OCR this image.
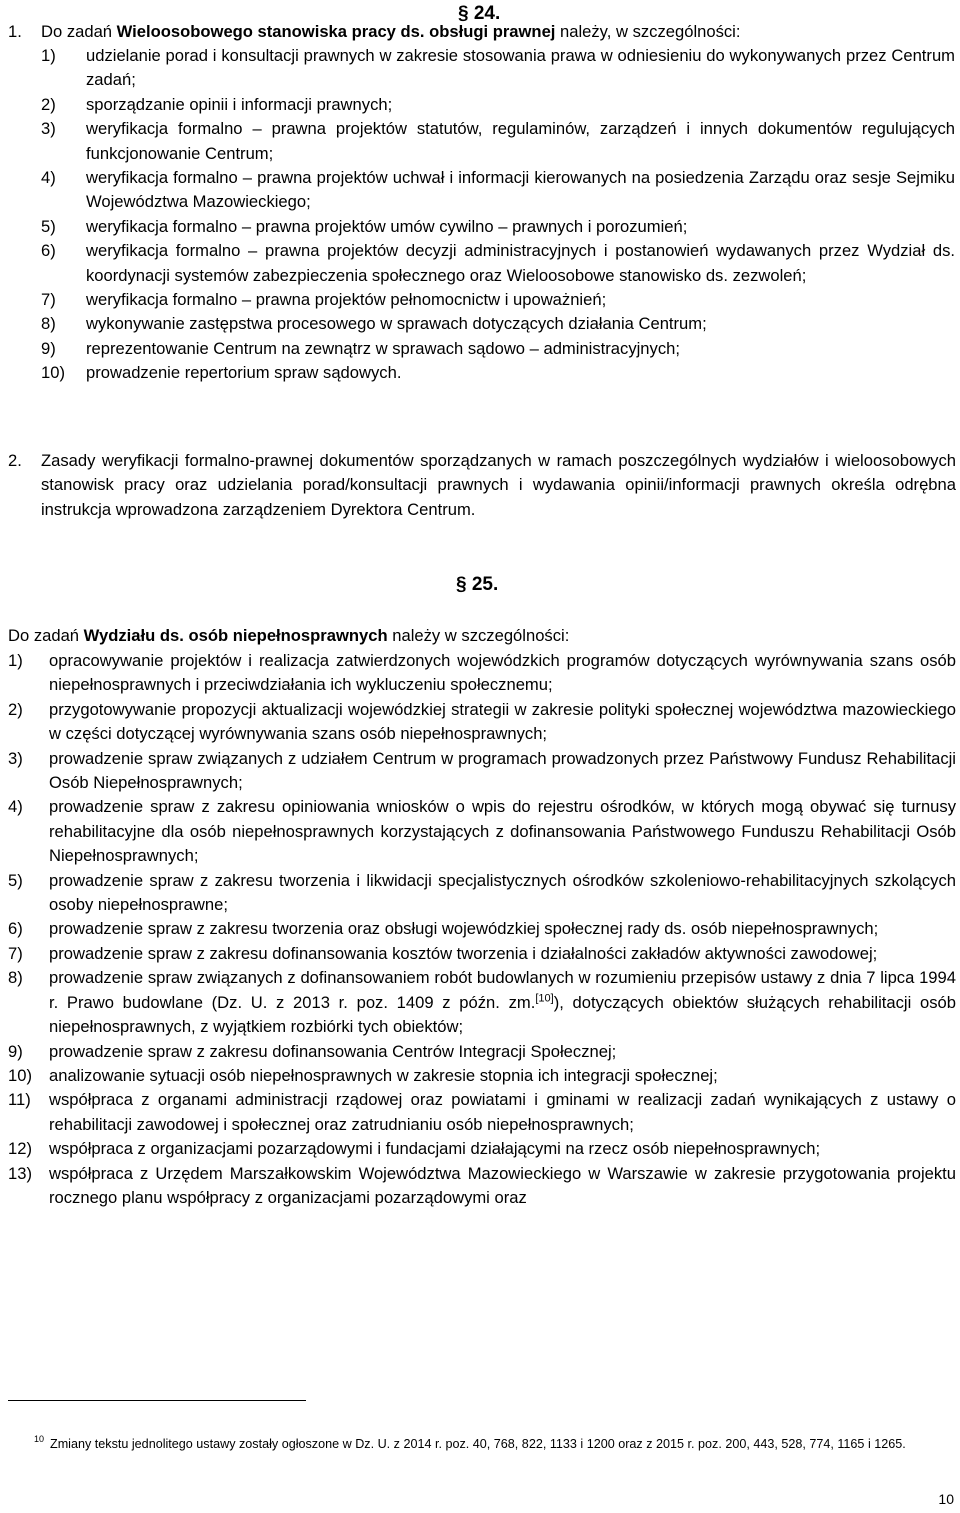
§ 24.
1. Do zadań Wieloosobowego stanowiska pracy ds. obsługi prawnej należy, w szczególności:
1) udzielanie porad i konsultacji prawnych w zakresie stosowania prawa w odniesieniu do wykonywanych przez Centrum zadań;
2) sporządzanie opinii i informacji prawnych;
3) weryfikacja formalno – prawna projektów statutów, regulaminów, zarządzeń i innych dokumentów regulujących funkcjonowanie Centrum;
4) weryfikacja formalno – prawna projektów uchwał i informacji kierowanych na posiedzenia Zarządu oraz sesje Sejmiku Województwa Mazowieckiego;
5) weryfikacja formalno – prawna projektów umów cywilno – prawnych i porozumień;
6) weryfikacja formalno – prawna projektów decyzji administracyjnych i postanowień wydawanych przez Wydział ds. koordynacji systemów zabezpieczenia społecznego oraz Wieloosobowe stanowisko ds. zezwoleń;
7) weryfikacja formalno – prawna projektów pełnomocnictw i upoważnień;
8) wykonywanie zastępstwa procesowego w sprawach dotyczących działania Centrum;
9) reprezentowanie Centrum na zewnątrz w sprawach sądowo – administracyjnych;
10) prowadzenie repertorium spraw sądowych.
2. Zasady weryfikacji formalno-prawnej dokumentów sporządzanych w ramach poszczególnych wydziałów i wieloosobowych stanowisk pracy oraz udzielania porad/konsultacji prawnych i wydawania opinii/informacji prawnych określa odrębna instrukcja wprowadzona zarządzeniem Dyrektora Centrum.
§ 25.
Do zadań Wydziału ds. osób niepełnosprawnych należy w szczególności:
1) opracowywanie projektów i realizacja zatwierdzonych wojewódzkich programów dotyczących wyrównywania szans osób niepełnosprawnych i przeciwdziałania ich wykluczeniu społecznemu;
2) przygotowywanie propozycji aktualizacji wojewódzkiej strategii w zakresie polityki społecznej województwa mazowieckiego w części dotyczącej wyrównywania szans osób niepełnosprawnych;
3) prowadzenie spraw związanych z udziałem Centrum w programach prowadzonych przez Państwowy Fundusz Rehabilitacji Osób Niepełnosprawnych;
4) prowadzenie spraw z zakresu opiniowania wniosków o wpis do rejestru ośrodków, w których mogą obywać się turnusy rehabilitacyjne dla osób niepełnosprawnych korzystających z dofinansowania Państwowego Funduszu Rehabilitacji Osób Niepełnosprawnych;
5) prowadzenie spraw z zakresu tworzenia i likwidacji specjalistycznych ośrodków szkoleniowo-rehabilitacyjnych szkolących osoby niepełnosprawne;
6) prowadzenie spraw z zakresu tworzenia oraz obsługi wojewódzkiej społecznej rady ds. osób niepełnosprawnych;
7) prowadzenie spraw z zakresu dofinansowania kosztów tworzenia i działalności zakładów aktywności zawodowej;
8) prowadzenie spraw związanych z dofinansowaniem robót budowlanych w rozumieniu przepisów ustawy z dnia 7 lipca 1994 r. Prawo budowlane (Dz. U. z 2013 r. poz. 1409 z późn. zm.[10]), dotyczących obiektów służących rehabilitacji osób niepełnosprawnych, z wyjątkiem rozbiórki tych obiektów;
9) prowadzenie spraw z zakresu dofinansowania Centrów Integracji Społecznej;
10) analizowanie sytuacji osób niepełnosprawnych w zakresie stopnia ich integracji społecznej;
11) współpraca z organami administracji rządowej oraz powiatami i gminami w realizacji zadań wynikających z ustawy o rehabilitacji zawodowej i społecznej oraz zatrudnianiu osób niepełnosprawnych;
12) współpraca z organizacjami pozarządowymi i fundacjami działającymi na rzecz osób niepełnosprawnych;
13) współpraca z Urzędem Marszałkowskim Województwa Mazowieckiego w Warszawie w zakresie przygotowania projektu rocznego planu współpracy z organizacjami pozarządowymi oraz
10 Zmiany tekstu jednolitego ustawy zostały ogłoszone w Dz. U. z 2014 r. poz. 40, 768, 822, 1133 i 1200 oraz z 2015 r. poz. 200, 443, 528, 774, 1165 i 1265.
10
